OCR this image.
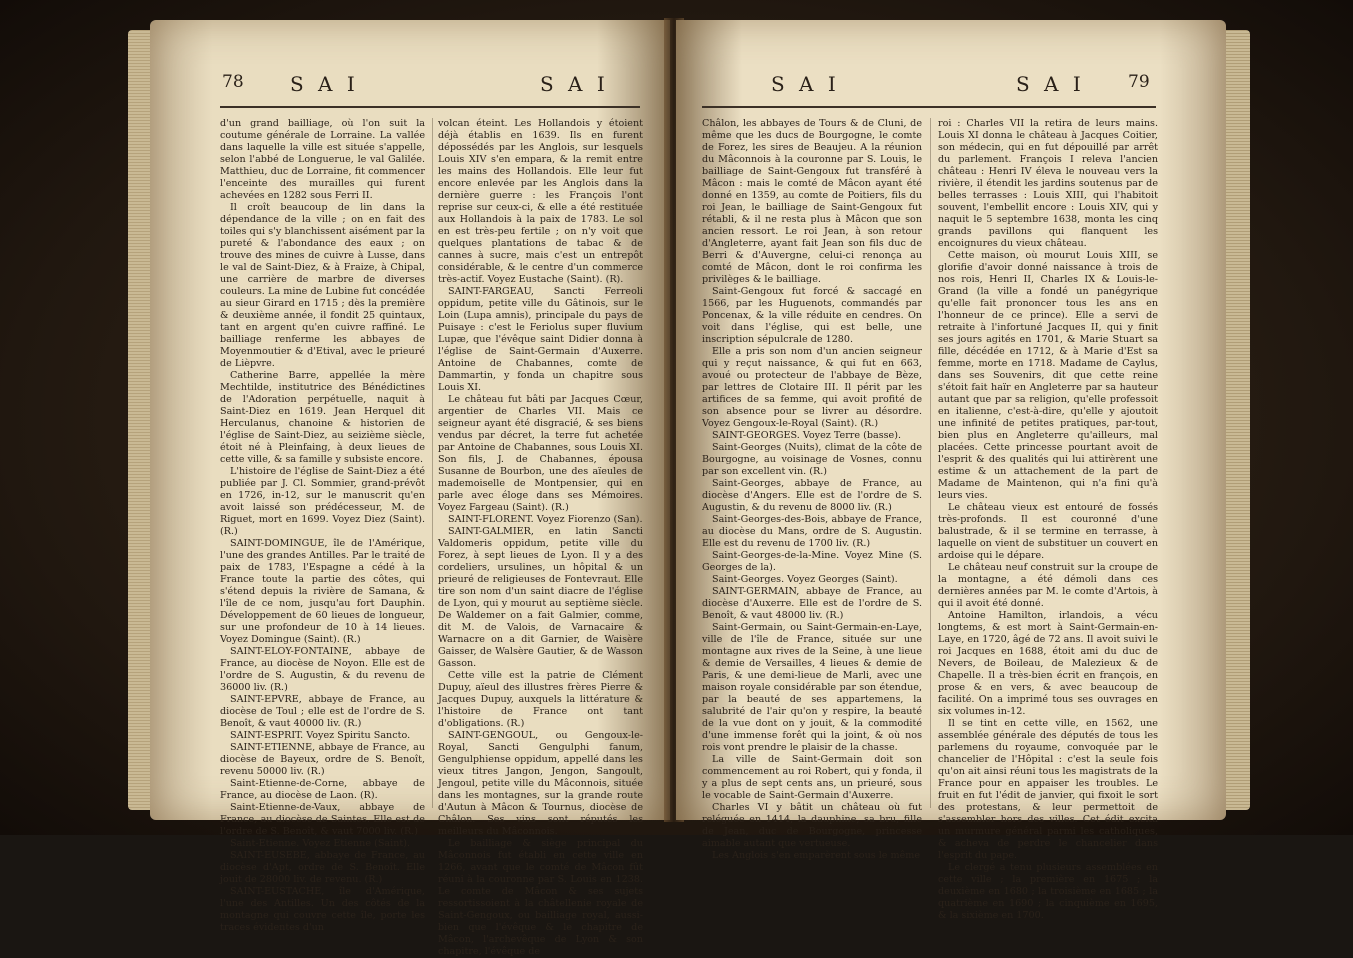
78 S A I	S A I

d'un grand bailliage, où l'on suit la coutume générale de Lorraine. La vallée dans laquelle la ville est située s'appelle, selon l'abbé de Longuerue, le val Galilée. Matthieu, duc de Lorraine, fit commencer l'enceinte des murailles qui furent achevées en 1282 sous Ferri II.

Il croît beaucoup de lin dans la dépendance de la ville ; on en fait des toiles qui s'y blanchissent aisément par la pureté & l'abondance des eaux ; on trouve des mines de cuivre à Lusse, dans le val de Saint-Diez, & à Fraize, à Chipal, une carrière de marbre de diverses couleurs. La mine de Lubine fut concédée au sieur Girard en 1715 ; dès la première & deuxième année, il fondit 25 quintaux, tant en argent qu'en cuivre raffiné. Le bailliage renferme les abbayes de Moyenmoutier & d'Etival, avec le prieuré de Lièpvre.

Catherine Barre, appellée la mère Mechtilde, institutrice des Bénédictines de l'Adoration perpétuelle, naquit à Saint-Diez en 1619. Jean Herquel dit Herculanus, chanoine & historien de l'église de Saint-Diez, au seizième siècle, étoit né à Pleinfaing, à deux lieues de cette ville, & sa famille y subsiste encore.

L'histoire de l'église de Saint-Diez a été publiée par J. Cl. Sommier, grand-prévôt en 1726, in-12, sur le manuscrit qu'en avoit laissé son prédécesseur, M. de Riguet, mort en 1699. Voyez Diez (Saint). (R.)

SAINT-DOMINGUE, île de l'Amérique, l'une des grandes Antilles. Par le traité de paix de 1783, l'Espagne a cédé à la France toute la partie des côtes, qui s'étend depuis la rivière de Samana, & l'île de ce nom, jusqu'au fort Dauphin. Développement de 60 lieues de longueur, sur une profondeur de 10 à 14 lieues. Voyez Domingue (Saint). (R.)

SAINT-ELOY-FONTAINE, abbaye de France, au diocèse de Noyon. Elle est de l'ordre de S. Augustin, & du revenu de 36000 liv. (R.)

SAINT-EPVRE, abbaye de France, au diocèse de Toul ; elle est de l'ordre de S. Benoît, & vaut 40000 liv. (R.)

SAINT-ESPRIT. Voyez Spiritu Sancto.

SAINT-ETIENNE, abbaye de France, au diocèse de Bayeux, ordre de S. Benoît, revenu 50000 liv. (R.)

Saint-Etienne-de-Corne, abbaye de France, au diocèse de Laon. (R).

Saint-Etienne-de-Vaux, abbaye de France, au diocèse de Saintes. Elle est de l'ordre de S. Benoît, & vaut 7000 liv. (R.)

Saint-Etienne. Voyez Etienne (Saint).

SAINT-EUSEBE, abbaye de France, au diocèse d'Apt, ordre de S. Benoît. Elle jouit de 28000 liv. de revenu. (R.)

SAINT-EUSTACHE, île d'Amérique, l'une des Antilles. Un des côtés de la montagne qui couvre cette île, porte les traces évidentes d'un

volcan éteint. Les Hollandois y étoient déjà établis en 1639. Ils en furent dépossédés par les Anglois, sur lesquels Louis XIV s'en empara, & la remit entre les mains des Hollandois. Elle leur fut encore enlevée par les Anglois dans la dernière guerre : les François l'ont reprise sur ceux-ci, & elle a été restituée aux Hollandois à la paix de 1783. Le sol en est très-peu fertile ; on n'y voit que quelques plantations de tabac & de cannes à sucre, mais c'est un entrepôt considérable, & le centre d'un commerce très-actif. Voyez Eustache (Saint). (R).

SAINT-FARGEAU, Sancti Ferreoli oppidum, petite ville du Gâtinois, sur le Loin (Lupa amnis), principale du pays de Puisaye : c'est le Feriolus super fluvium Lupæ, que l'évêque saint Didier donna à l'église de Saint-Germain d'Auxerre. Antoine de Chabannes, comte de Dammartin, y fonda un chapitre sous Louis XI.

Le château fut bâti par Jacques Cœur, argentier de Charles VII. Mais ce seigneur ayant été disgracié, & ses biens vendus par décret, la terre fut achetée par Antoine de Chabannes, sous Louis XI. Son fils, J. de Chabannes, épousa Susanne de Bourbon, une des aïeules de mademoiselle de Montpensier, qui en parle avec éloge dans ses Mémoires. Voyez Fargeau (Saint). (R.)

SAINT-FLORENT. Voyez Fiorenzo (San).

SAINT-GALMIER, en latin Sancti Valdomeris oppidum, petite ville du Forez, à sept lieues de Lyon. Il y a des cordeliers, ursulines, un hôpital & un prieuré de religieuses de Fontevraut. Elle tire son nom d'un saint diacre de l'église de Lyon, qui y mourut au septième siècle. De Waldemer on a fait Galmier, comme, dit M. de Valois, de Varnacaire & Warnacre on a dit Garnier, de Waisère Gaisser, de Walsère Gautier, & de Wasson Gasson.

Cette ville est la patrie de Clément Dupuy, aïeul des illustres frères Pierre & Jacques Dupuy, auxquels la littérature & l'histoire de France ont tant d'obligations. (R.)

SAINT-GENGOUL, ou Gengoux-le-Royal, Sancti Gengulphi fanum, Gengulphiense oppidum, appellé dans les vieux titres Jangon, Jengon, Sangoult, Jengoul, petite ville du Mâconnois, située dans les montagnes, sur la grande route d'Autun à Mâcon & Tournus, diocèse de Châlon. Ses vins sont réputés les meilleurs du Mâconnois.

Le bailliage & siège principal du Mâconnois fut établi en cette ville en 1266, avant que le comté de Mâcon fût réuni à la couronne par S. Louis en 1238. Le comte de Mâcon & ses sujets ressortissoient à la châtellenie royale de Saint-Gengoux, ou bailliage royal, aussi-bien que l'évêque & le chapitre de Mâcon, l'archevêque de Lyon & son chapitre, l'évêque de

S A I	S A I	79

Châlon, les abbayes de Tours & de Cluni, de même que les ducs de Bourgogne, le comte de Forez, les sires de Beaujeu. A la réunion du Mâconnois à la couronne par S. Louis, le bailliage de Saint-Gengoux fut transféré à Mâcon : mais le comté de Mâcon ayant été donné en 1359, au comte de Poitiers, fils du roi Jean, le bailliage de Saint-Gengoux fut rétabli, & il ne resta plus à Mâcon que son ancien ressort. Le roi Jean, à son retour d'Angleterre, ayant fait Jean son fils duc de Berri & d'Auvergne, celui-ci renonça au comté de Mâcon, dont le roi confirma les privilèges & le bailliage.

Saint-Gengoux fut forcé & saccagé en 1566, par les Huguenots, commandés par Poncenax, & la ville réduite en cendres. On voit dans l'église, qui est belle, une inscription sépulcrale de 1280.

Elle a pris son nom d'un ancien seigneur qui y reçut naissance, & qui fut en 663, avoué ou protecteur de l'abbaye de Bèze, par lettres de Clotaire III. Il périt par les artifices de sa femme, qui avoit profité de son absence pour se livrer au désordre. Voyez Gengoux-le-Royal (Saint). (R.)

SAINT-GEORGES. Voyez Terre (basse).

Saint-Georges (Nuits), climat de la côte de Bourgogne, au voisinage de Vosnes, connu par son excellent vin. (R.)

Saint-Georges, abbaye de France, au diocèse d'Angers. Elle est de l'ordre de S. Augustin, & du revenu de 8000 liv. (R.)

Saint-Georges-des-Bois, abbaye de France, au diocèse du Mans, ordre de S. Augustin. Elle est du revenu de 1700 liv. (R.)

Saint-Georges-de-la-Mine. Voyez Mine (S. Georges de la).

Saint-Georges. Voyez Georges (Saint).

SAINT-GERMAIN, abbaye de France, au diocèse d'Auxerre. Elle est de l'ordre de S. Benoît, & vaut 48000 liv. (R.)

Saint-Germain, ou Saint-Germain-en-Laye, ville de l'île de France, située sur une montagne aux rives de la Seine, à une lieue & demie de Versailles, 4 lieues & demie de Paris, & une demi-lieue de Marli, avec une maison royale considérable par son étendue, par la beauté de ses appartemens, la salubrité de l'air qu'on y respire, la beauté de la vue dont on y jouit, & la commodité d'une immense forêt qui la joint, & où nos rois vont prendre le plaisir de la chasse.

La ville de Saint-Germain doit son commencement au roi Robert, qui y fonda, il y a plus de sept cents ans, un prieuré, sous le vocable de Saint-Germain d'Auxerre.

Charles VI y bâtit un château où fut reléguée en 1414, la dauphine, sa bru, fille de Jean, duc de Bourgogne, princesse aimable autant que vertueuse.

Les Anglois s'en emparèrent sous le même

roi : Charles VII la retira de leurs mains. Louis XI donna le château à Jacques Coitier, son médecin, qui en fut dépouillé par arrêt du parlement. François I releva l'ancien château : Henri IV éleva le nouveau vers la rivière, il étendit les jardins soutenus par de belles terrasses : Louis XIII, qui l'habitoit souvent, l'embellit encore : Louis XIV, qui y naquit le 5 septembre 1638, monta les cinq grands pavillons qui flanquent les encoignures du vieux château.

Cette maison, où mourut Louis XIII, se glorifie d'avoir donné naissance à trois de nos rois, Henri II, Charles IX & Louis-le-Grand (la ville a fondé un panégyrique qu'elle fait prononcer tous les ans en l'honneur de ce prince). Elle a servi de retraite à l'infortuné Jacques II, qui y finit ses jours agités en 1701, & Marie Stuart sa fille, décédée en 1712, & à Marie d'Est sa femme, morte en 1718. Madame de Caylus, dans ses Souvenirs, dit que cette reine s'étoit fait haïr en Angleterre par sa hauteur autant que par sa religion, qu'elle professoit en italienne, c'est-à-dire, qu'elle y ajoutoit une infinité de petites pratiques, par-tout, bien plus en Angleterre qu'ailleurs, mal placées. Cette princesse pourtant avoit de l'esprit & des qualités qui lui attirèrent une estime & un attachement de la part de Madame de Maintenon, qui n'a fini qu'à leurs vies.

Le château vieux est entouré de fossés très-profonds. Il est couronné d'une balustrade, & il se termine en terrasse, à laquelle on vient de substituer un couvert en ardoise qui le dépare.

Le château neuf construit sur la croupe de la montagne, a été démoli dans ces dernières années par M. le comte d'Artois, à qui il avoit été donné.

Antoine Hamilton, irlandois, a vécu longtems, & est mort à Saint-Germain-en-Laye, en 1720, âgé de 72 ans. Il avoit suivi le roi Jacques en 1688, étoit ami du duc de Nevers, de Boileau, de Malezieux & de Chapelle. Il a très-bien écrit en françois, en prose & en vers, & avec beaucoup de facilité. On a imprimé tous ses ouvrages en six volumes in-12.

Il se tint en cette ville, en 1562, une assemblée générale des députés de tous les parlemens du royaume, convoquée par le chancelier de l'Hôpital : c'est la seule fois qu'on ait ainsi réuni tous les magistrats de la France pour en appaiser les troubles. Le fruit en fut l'édit de janvier, qui fixoit le sort des protestans, & leur permettoit de s'assembler hors des villes. Cet édit excita un murmure général parmi les catholiques, & acheva de perdre le chancelier dans l'esprit du pape.

Le clergé a tenu plusieurs assemblées en cette ville ; la première en 1675 ; la deuxième en 1680 ; la troisième en 1685 ; la quatrième en 1690 ; la cinquième en 1695, & la sixième en 1700.
